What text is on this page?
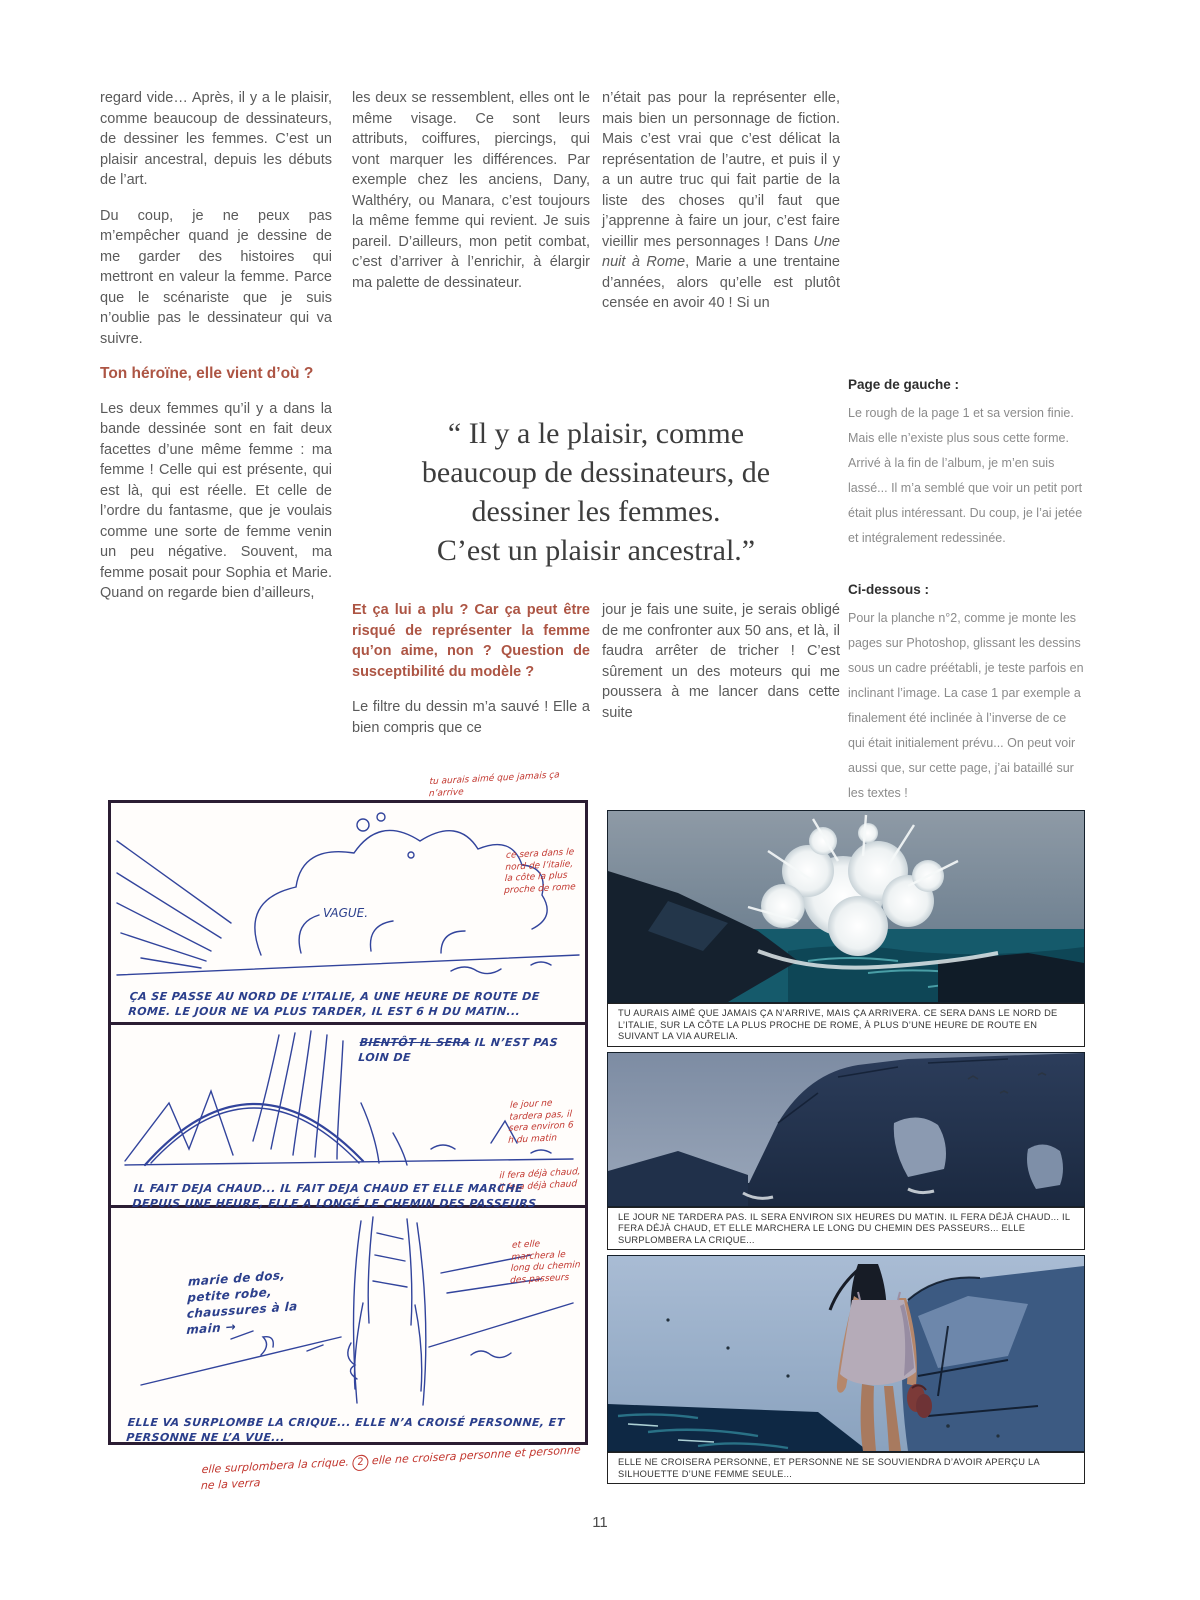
regard vide… Après, il y a le plaisir, comme beaucoup de dessinateurs, de dessiner les femmes. C’est un plaisir ancestral, depuis les débuts de l’art.

Du coup, je ne peux pas m’empêcher quand je dessine de me garder des histoires qui mettront en valeur la femme. Parce que le scénariste que je suis n’oublie pas le dessinateur qui va suivre.

Ton héroïne, elle vient d’où ?

Les deux femmes qu’il y a dans la bande dessinée sont en fait deux facettes d’une même femme : ma femme ! Celle qui est présente, qui est là, qui est réelle. Et celle de l’ordre du fantasme, que je voulais comme une sorte de femme venin un peu négative. Souvent, ma femme posait pour Sophia et Marie. Quand on regarde bien d’ailleurs,

les deux se ressemblent, elles ont le même visage. Ce sont leurs attributs, coiffures, piercings, qui vont marquer les différences. Par exemple chez les anciens, Dany, Walthéry, ou Manara, c’est toujours la même femme qui revient. Je suis pareil. D’ailleurs, mon petit combat, c’est d’arriver à l’enrichir, à élargir ma palette de dessinateur.

n’était pas pour la représenter elle, mais bien un personnage de fiction. Mais c’est vrai que c’est délicat la représentation de l’autre, et puis il y a un autre truc qui fait partie de la liste des choses qu’il faut que j’apprenne à faire un jour, c’est faire vieillir mes personnages ! Dans Une nuit à Rome, Marie a une trentaine d’années, alors qu’elle est plutôt censée en avoir 40 ! Si un

“ Il y a le plaisir, comme
beaucoup de dessinateurs, de
dessiner les femmes.
C’est un plaisir ancestral.”

Et ça lui a plu ? Car ça peut être risqué de représenter la femme qu’on aime, non ? Question de susceptibilité du modèle ?

Le filtre du dessin m’a sauvé ! Elle a bien compris que ce

jour je fais une suite, je serais obligé de me confronter aux 50 ans, et là, il faudra arrêter de tricher ! C’est sûrement un des moteurs qui me poussera à me lancer dans cette suite

Page de gauche :

Le rough de la page 1 et sa version finie. Mais elle n’existe plus sous cette forme. Arrivé à la fin de l’album, je m’en suis lassé... Il m’a semblé que voir un petit port était plus intéressant. Du coup, je l’ai jetée et intégralement redessinée.

Ci-dessous :

Pour la planche n°2, comme je monte les pages sur Photoshop, glissant les dessins sous un cadre préétabli, je teste parfois en inclinant l’image. La case 1 par exemple a finalement été inclinée à l’inverse de ce qui était initialement prévu... On peut voir aussi que, sur cette page, j’ai bataillé sur les textes !

VAGUE.
tu aurais aimé que jamais ça n’arrive
ce sera dans le nord de l’italie, la côte la plus proche de rome
ÇA SE PASSE AU NORD DE L’ITALIE, A UNE HEURE DE ROUTE DE ROME. LE JOUR NE VA PLUS TARDER, IL EST 6 H DU MATIN...
BIENTÔT IL SERA IL N’EST PAS LOIN DE
le jour ne tardera pas, il sera environ 6 h du matin
il fera déjà chaud, il fera déjà chaud
IL FAIT DEJA CHAUD... IL FAIT DEJA CHAUD ET ELLE MARCHE DEPUIS UNE HEURE, ELLE A LONGÉ LE CHEMIN DES PASSEURS
marie de dos, petite robe, chaussures à la main →
et elle marchera le long du chemin des passeurs
ELLE VA SURPLOMBE LA CRIQUE... ELLE N’A CROISÉ PERSONNE, ET PERSONNE NE L’A VUE...
elle surplombera la crique. 2 elle ne croisera personne et personne ne la verra
TU AURAIS AIMÉ QUE JAMAIS ÇA N’ARRIVE, MAIS ÇA ARRIVERA. CE SERA DANS LE NORD DE L’ITALIE, SUR LA CÔTE LA PLUS PROCHE DE ROME, À PLUS D’UNE HEURE DE ROUTE EN SUIVANT LA VIA AURELIA.
LE JOUR NE TARDERA PAS. IL SERA ENVIRON SIX HEURES DU MATIN. IL FERA DÉJÀ CHAUD... IL FERA DÉJÀ CHAUD, ET ELLE MARCHERA LE LONG DU CHEMIN DES PASSEURS... ELLE SURPLOMBERA LA CRIQUE...
ELLE NE CROISERA PERSONNE, ET PERSONNE NE SE SOUVIENDRA D’AVOIR APERÇU LA SILHOUETTE D’UNE FEMME SEULE...
11
